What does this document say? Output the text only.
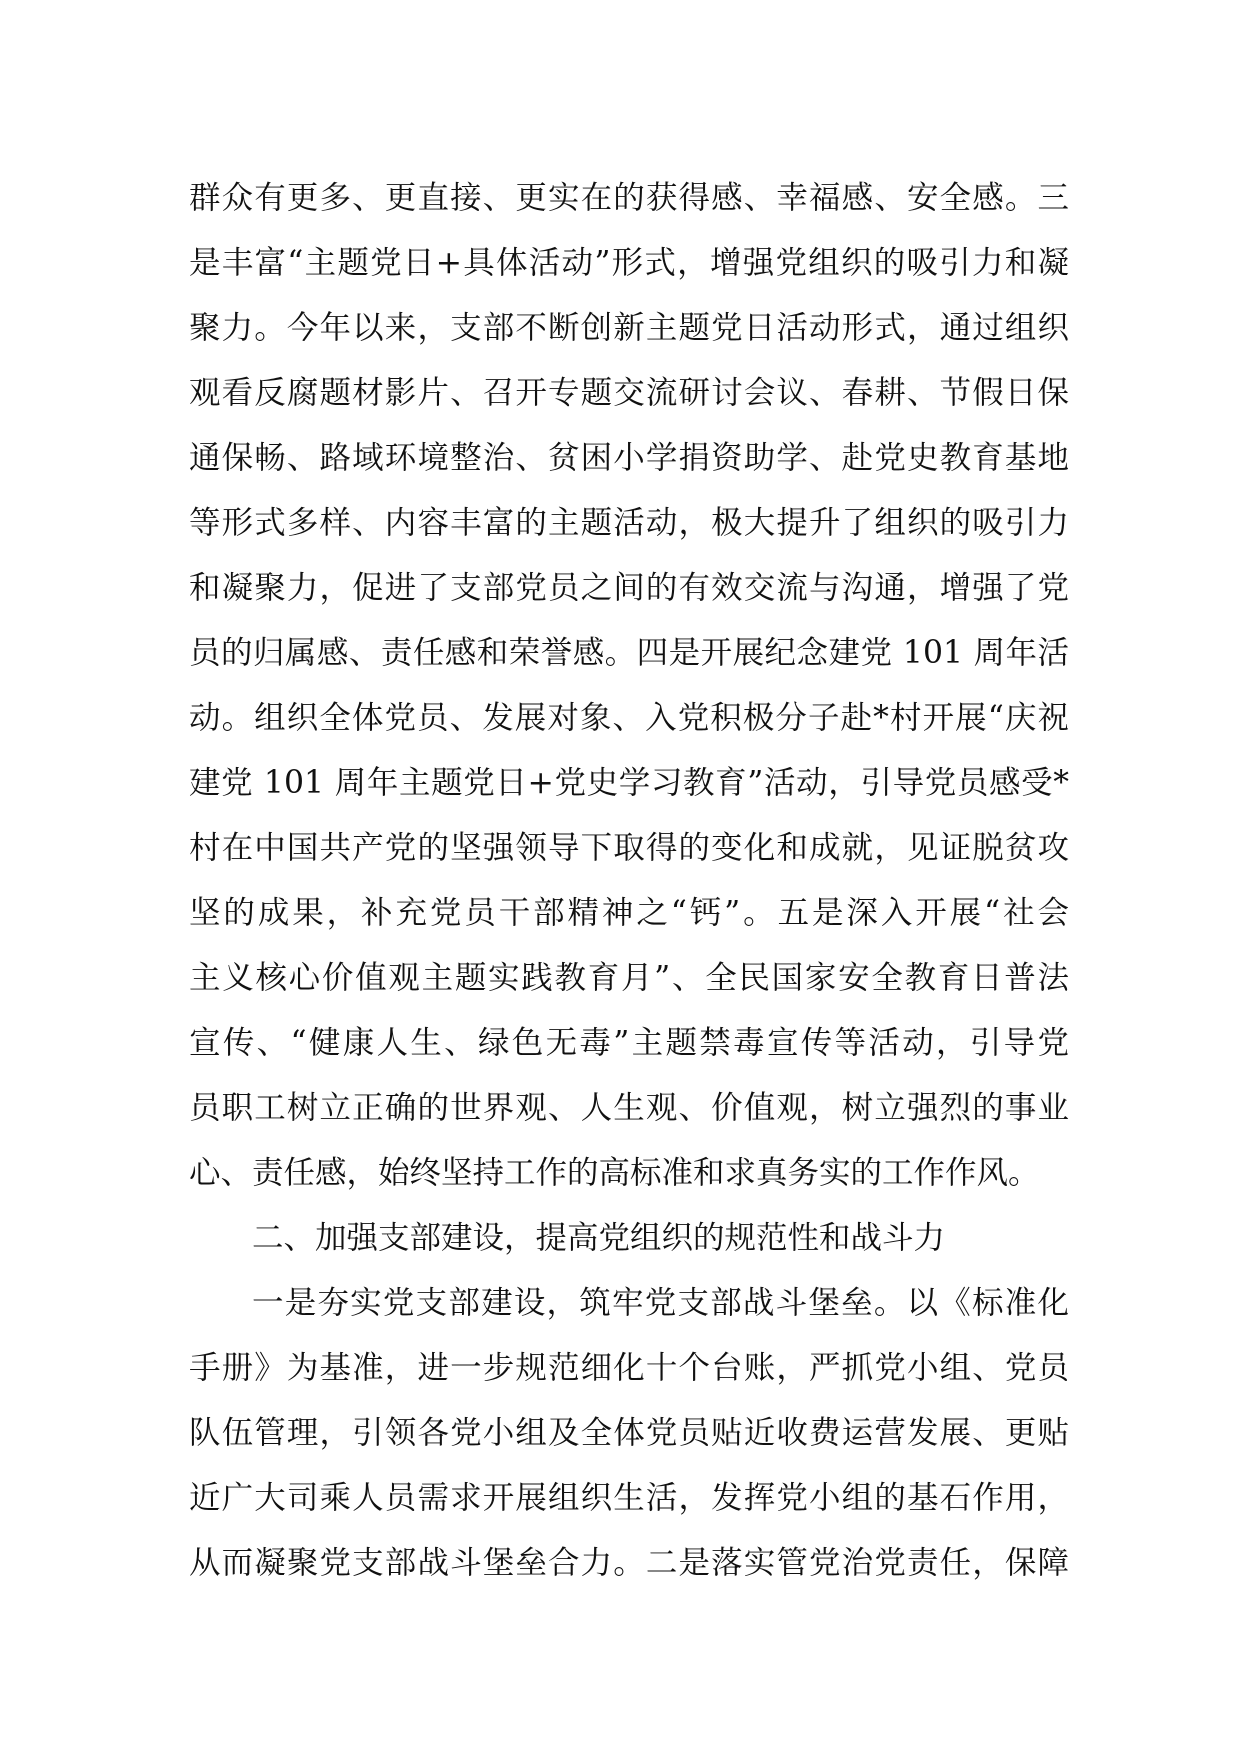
群众有更多、更直接、更实在的获得感、幸福感、安全感。三
是丰富“主题党日+具体活动”形式，增强党组织的吸引力和凝
聚力。今年以来，支部不断创新主题党日活动形式，通过组织
观看反腐题材影片、召开专题交流研讨会议、春耕、节假日保
通保畅、路域环境整治、贫困小学捐资助学、赴党史教育基地
等形式多样、内容丰富的主题活动，极大提升了组织的吸引力
和凝聚力，促进了支部党员之间的有效交流与沟通，增强了党
员的归属感、责任感和荣誉感。四是开展纪念建党 101 周年活
动。组织全体党员、发展对象、入党积极分子赴*村开展“庆祝
建党 101 周年主题党日+党史学习教育”活动，引导党员感受*
村在中国共产党的坚强领导下取得的变化和成就，见证脱贫攻
坚的成果，补充党员干部精神之“钙”。五是深入开展“社会
主义核心价值观主题实践教育月”、全民国家安全教育日普法
宣传、“健康人生、绿色无毒”主题禁毒宣传等活动，引导党
员职工树立正确的世界观、人生观、价值观，树立强烈的事业
心、责任感，始终坚持工作的高标准和求真务实的工作作风。
二、加强支部建设，提高党组织的规范性和战斗力
一是夯实党支部建设，筑牢党支部战斗堡垒。以《标准化
手册》为基准，进一步规范细化十个台账，严抓党小组、党员
队伍管理，引领各党小组及全体党员贴近收费运营发展、更贴
近广大司乘人员需求开展组织生活，发挥党小组的基石作用，
从而凝聚党支部战斗堡垒合力。二是落实管党治党责任，保障
